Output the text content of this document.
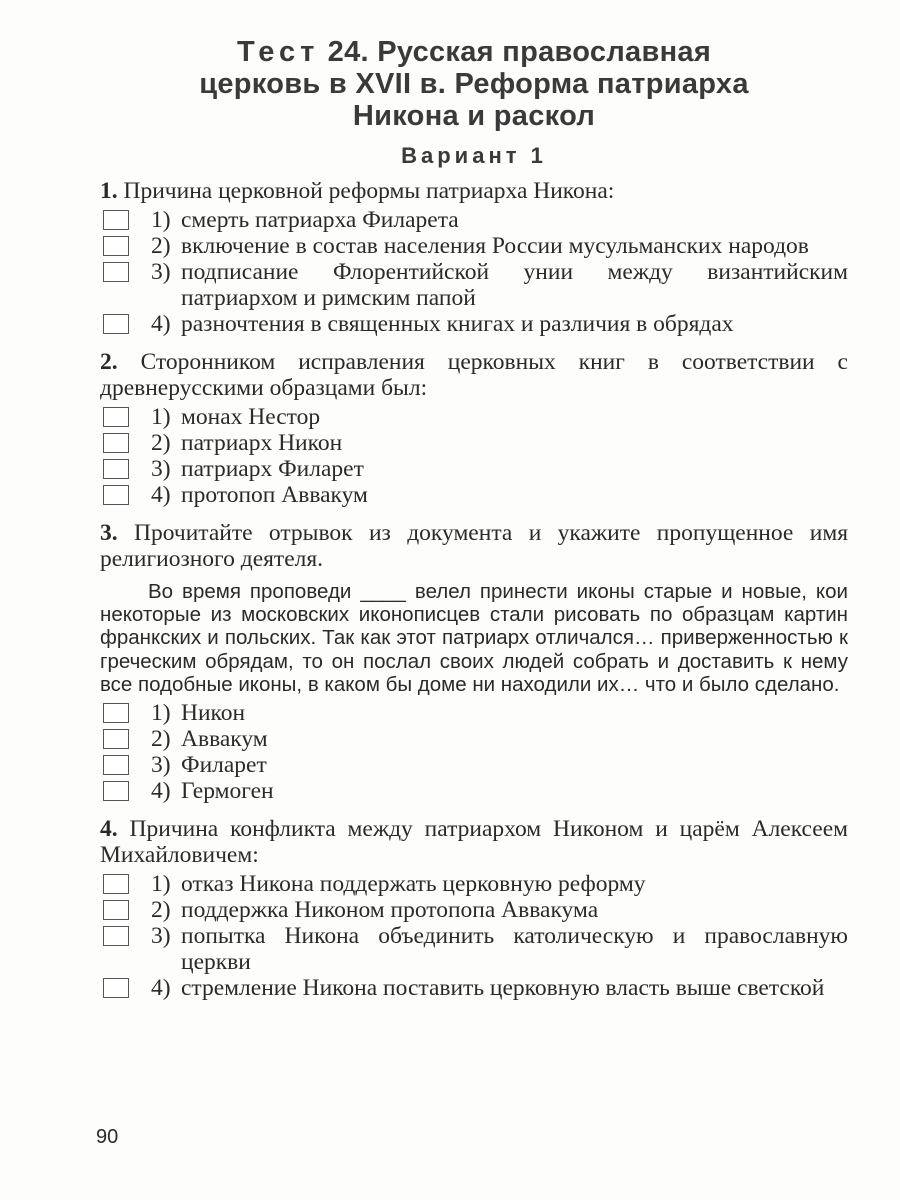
Тест 24. Русская православная
церковь в XVII в. Реформа патриарха
Никона и раскол
Вариант 1
1. Причина церковной реформы патриарха Никона:
1) смерть патриарха Филарета
2) включение в состав населения России мусульманских народов
3) подписание Флорентийской унии между византийским патриархом и римским папой
4) разночтения в священных книгах и различия в обрядах
2. Сторонником исправления церковных книг в соответствии с древнерусскими образцами был:
1) монах Нестор
2) патриарх Никон
3) патриарх Филарет
4) протопоп Аввакум
3. Прочитайте отрывок из документа и укажите пропущенное имя религиозного деятеля.
Во время проповеди ____ велел принести иконы старые и новые, кои некоторые из московских иконописцев стали рисовать по образцам картин франкских и польских. Так как этот патриарх отличался… приверженностью к греческим обрядам, то он послал своих людей собрать и доставить к нему все подобные иконы, в каком бы доме ни находили их… что и было сделано.
1) Никон
2) Аввакум
3) Филарет
4) Гермоген
4. Причина конфликта между патриархом Никоном и царём Алексеем Михайловичем:
1) отказ Никона поддержать церковную реформу
2) поддержка Никоном протопопа Аввакума
3) попытка Никона объединить католическую и православную церкви
4) стремление Никона поставить церковную власть выше светской
90
